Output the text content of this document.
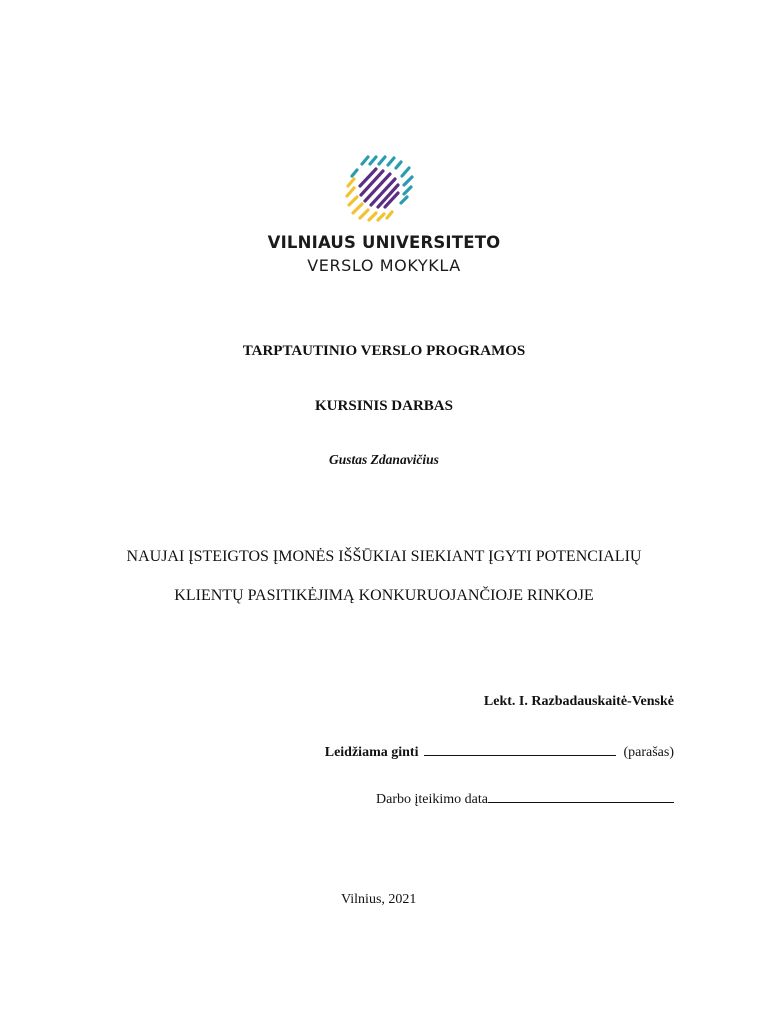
VILNIAUS UNIVERSITETO
VERSLO MOKYKLA
TARPTAUTINIO VERSLO PROGRAMOS
KURSINIS DARBAS
Gustas Zdanavičius
NAUJAI ĮSTEIGTOS ĮMONĖS IŠŠŪKIAI SIEKIANT ĮGYTI POTENCIALIŲ
KLIENTŲ PASITIKĖJIMĄ KONKURUOJANČIOJE RINKOJE
Lekt. I. Razbadauskaitė-Venskė
Leidžiama ginti	(parašas)
Darbo įteikimo data
Vilnius, 2021
